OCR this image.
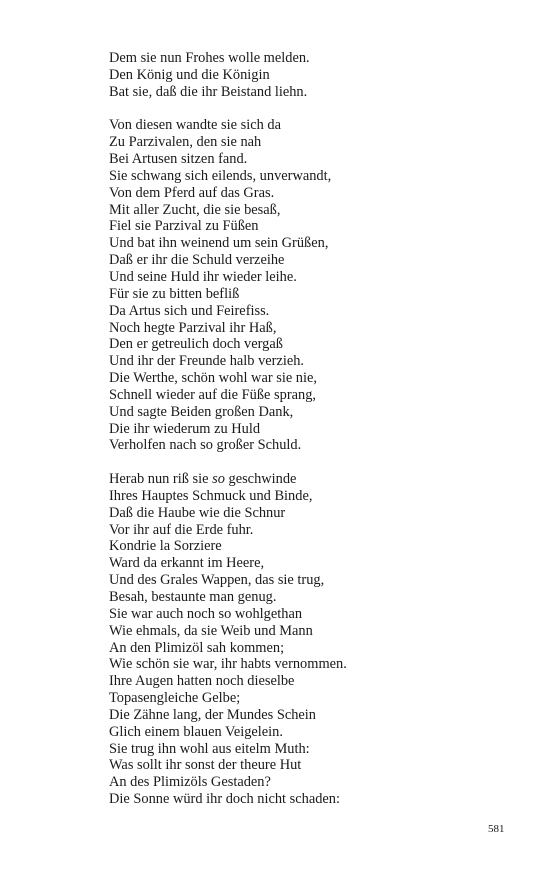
Dem sie nun Frohes wolle melden.
Den König und die Königin
Bat sie, daß die ihr Beistand liehn.
Von diesen wandte sie sich da
Zu Parzivalen, den sie nah
Bei Artusen sitzen fand.
Sie schwang sich eilends, unverwandt,
Von dem Pferd auf das Gras.
Mit aller Zucht, die sie besaß,
Fiel sie Parzival zu Füßen
Und bat ihn weinend um sein Grüßen,
Daß er ihr die Schuld verzeihe
Und seine Huld ihr wieder leihe.
Für sie zu bitten befliß
Da Artus sich und Feirefiss.
Noch hegte Parzival ihr Haß,
Den er getreulich doch vergaß
Und ihr der Freunde halb verzieh.
Die Werthe, schön wohl war sie nie,
Schnell wieder auf die Füße sprang,
Und sagte Beiden großen Dank,
Die ihr wiederum zu Huld
Verholfen nach so großer Schuld.
Herab nun riß sie so geschwinde
Ihres Hauptes Schmuck und Binde,
Daß die Haube wie die Schnur
Vor ihr auf die Erde fuhr.
Kondrie la Sorziere
Ward da erkannt im Heere,
Und des Grales Wappen, das sie trug,
Besah, bestaunte man genug.
Sie war auch noch so wohlgethan
Wie ehmals, da sie Weib und Mann
An den Plimizöl sah kommen;
Wie schön sie war, ihr habts vernommen.
Ihre Augen hatten noch dieselbe
Topasengleiche Gelbe;
Die Zähne lang, der Mundes Schein
Glich einem blauen Veigelein.
Sie trug ihn wohl aus eitelm Muth:
Was sollt ihr sonst der theure Hut
An des Plimizöls Gestaden?
Die Sonne würd ihr doch nicht schaden:
581
